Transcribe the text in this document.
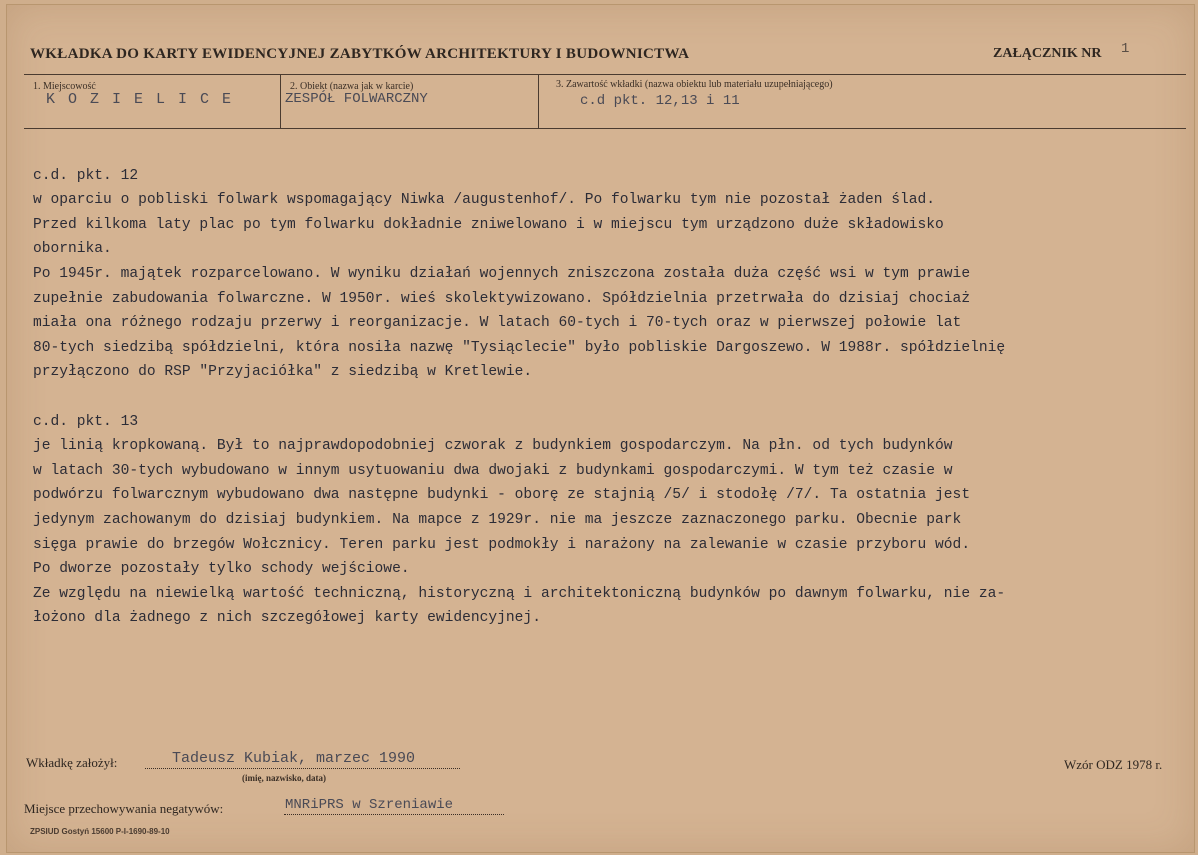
WKŁADKA DO KARTY EWIDENCYJNEJ ZABYTKÓW ARCHITEKTURY I BUDOWNICTWA	ZAŁĄCZNIK NR 1
1. Miejscowość
K O Z I E L I C E
2. Obiekt (nazwa jak w karcie)
ZESPÓŁ FOLWARCZNY
3. Zawartość wkładki (nazwa obiektu lub materiału uzupełniającego)
c.d pkt. 12,13 i 11

c.d. pkt. 12
w oparciu o pobliski folwark wspomagający Niwka /augustenhof/. Po folwarku tym nie pozostał żaden ślad.
Przed kilkoma laty plac po tym folwarku dokładnie zniwelowano i w miejscu tym urządzono duże składowisko
obornika.
Po 1945r. majątek rozparcelowano. W wyniku działań wojennych zniszczona została duża część wsi w tym prawie
zupełnie zabudowania folwarczne. W 1950r. wieś skolektywizowano. Spółdzielnia przetrwała do dzisiaj chociaż
miała ona różnego rodzaju przerwy i reorganizacje. W latach 60-tych i 70-tych oraz w pierwszej połowie lat
80-tych siedzibą spółdzielni, która nosiła nazwę "Tysiąclecie" było pobliskie Dargoszewo. W 1988r. spółdzielnię
przyłączono do RSP "Przyjaciółka" z siedzibą w Kretlewie.
c.d. pkt. 13
je linią kropkowaną. Był to najprawdopodobniej czworak z budynkiem gospodarczym. Na płn. od tych budynków
w latach 30-tych wybudowano w innym usytuowaniu dwa dwojaki z budynkami gospodarczymi. W tym też czasie w
podwórzu folwarcznym wybudowano dwa następne budynki - oborę ze stajnią /5/ i stodołę /7/. Ta ostatnia jest
jedynym zachowanym do dzisiaj budynkiem. Na mapce z 1929r. nie ma jeszcze zaznaczonego parku. Obecnie park
sięga prawie do brzegów Wołcznicy. Teren parku jest podmokły i narażony na zalewanie w czasie przyboru wód.
Po dworze pozostały tylko schody wejściowe.
Ze względu na niewielką wartość techniczną, historyczną i architektoniczną budynków po dawnym folwarku, nie za-
łożono dla żadnego z nich szczegółowej karty ewidencyjnej.

Wkładkę założył:	Tadeusz Kubiak, marzec 1990
(imię, nazwisko, data)
Miejsce przechowywania negatywów:	MNRiPRS w Szreniawie
Wzór ODZ 1978 r.
ZPSIUD Gostyń 15600 P-I-1690-89-10
